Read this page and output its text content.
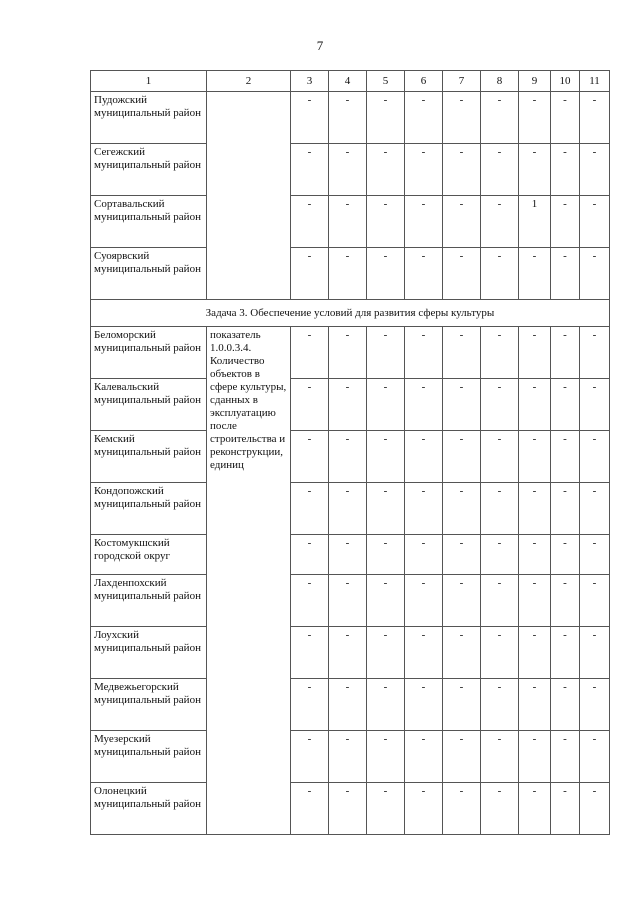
7
1	2	3	4	5	6	7	8	9	10	11
Пудожский муниципальный район		-	-	-	-	-	-	-	-	-
Сегежский муниципальный район		-	-	-	-	-	-	-	-	-
Сортавальский муниципальный район		-	-	-	-	-	-	1	-	-
Суоярвский муниципальный район		-	-	-	-	-	-	-	-	-
Задача 3. Обеспечение условий для развития сферы культуры										
Беломорский муниципальный район	показатель 1.0.0.3.4. Количество объектов в сфере культуры, сданных в эксплуатацию после строительства и реконструкции, единиц	-	-	-	-	-	-	-	-	-
Калевальский муниципальный район		-	-	-	-	-	-	-	-	-
Кемский муниципальный район		-	-	-	-	-	-	-	-	-
Кондопожский муниципальный район		-	-	-	-	-	-	-	-	-
Костомукшский городской округ		-	-	-	-	-	-	-	-	-
Лахденпохский муниципальный район		-	-	-	-	-	-	-	-	-
Лоухский муниципальный район		-	-	-	-	-	-	-	-	-
Медвежьегорский муниципальный район		-	-	-	-	-	-	-	-	-
Муезерский муниципальный район		-	-	-	-	-	-	-	-	-
Олонецкий муниципальный район		-	-	-	-	-	-	-	-	-
